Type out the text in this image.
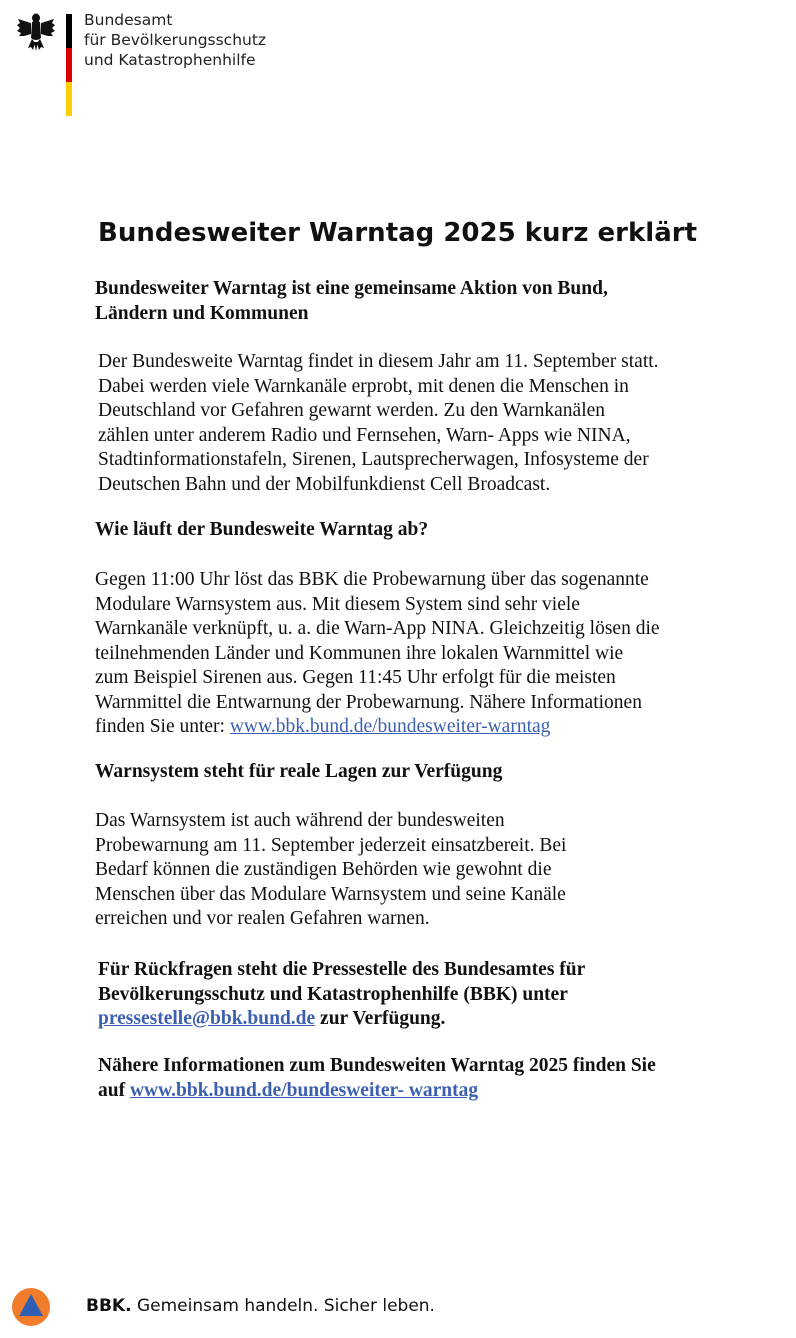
Bundesamt
für Bevölkerungsschutz
und Katastrophenhilfe
Bundesweiter Warntag 2025 kurz erklärt
Bundesweiter Warntag ist eine gemeinsame Aktion von Bund,
Ländern und Kommunen
Der Bundesweite Warntag findet in diesem Jahr am 11. September statt.
Dabei werden viele Warnkanäle erprobt, mit denen die Menschen in
Deutschland vor Gefahren gewarnt werden. Zu den Warnkanälen
zählen unter anderem Radio und Fernsehen, Warn- Apps wie NINA,
Stadtinformationstafeln, Sirenen, Lautsprecherwagen, Infosysteme der
Deutschen Bahn und der Mobilfunkdienst Cell Broadcast.
Wie läuft der Bundesweite Warntag ab?
Gegen 11:00 Uhr löst das BBK die Probewarnung über das sogenannte
Modulare Warnsystem aus. Mit diesem System sind sehr viele
Warnkanäle verknüpft, u. a. die Warn-App NINA. Gleichzeitig lösen die
teilnehmenden Länder und Kommunen ihre lokalen Warnmittel wie
zum Beispiel Sirenen aus. Gegen 11:45 Uhr erfolgt für die meisten
Warnmittel die Entwarnung der Probewarnung. Nähere Informationen
finden Sie unter: www.bbk.bund.de/bundesweiter-warntag
Warnsystem steht für reale Lagen zur Verfügung
Das Warnsystem ist auch während der bundesweiten
Probewarnung am 11. September jederzeit einsatzbereit. Bei
Bedarf können die zuständigen Behörden wie gewohnt die
Menschen über das Modulare Warnsystem und seine Kanäle
erreichen und vor realen Gefahren warnen.
Für Rückfragen steht die Pressestelle des Bundesamtes für
Bevölkerungsschutz und Katastrophenhilfe (BBK) unter
pressestelle@bbk.bund.de zur Verfügung.
Nähere Informationen zum Bundesweiten Warntag 2025 finden Sie
auf www.bbk.bund.de/bundesweiter- warntag
BBK. Gemeinsam handeln. Sicher leben.
